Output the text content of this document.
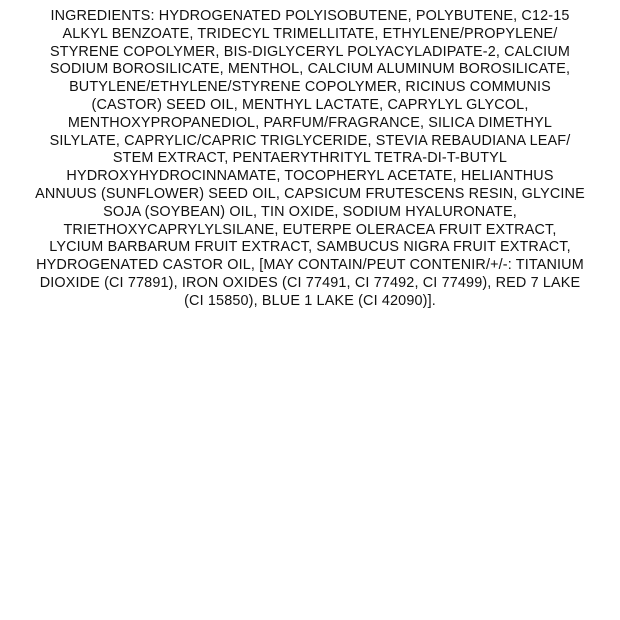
INGREDIENTS: HYDROGENATED POLYISOBUTENE, POLYBUTENE, C12-15
ALKYL BENZOATE, TRIDECYL TRIMELLITATE, ETHYLENE/PROPYLENE/
STYRENE COPOLYMER, BIS-DIGLYCERYL POLYACYLADIPATE-2, CALCIUM
SODIUM BOROSILICATE, MENTHOL, CALCIUM ALUMINUM BOROSILICATE,
BUTYLENE/ETHYLENE/STYRENE COPOLYMER, RICINUS COMMUNIS
(CASTOR) SEED OIL, MENTHYL LACTATE, CAPRYLYL GLYCOL,
MENTHOXYPROPANEDIOL, PARFUM/FRAGRANCE, SILICA DIMETHYL
SILYLATE, CAPRYLIC/CAPRIC TRIGLYCERIDE, STEVIA REBAUDIANA LEAF/
STEM EXTRACT, PENTAERYTHRITYL TETRA-DI-T-BUTYL
HYDROXYHYDROCINNAMATE, TOCOPHERYL ACETATE, HELIANTHUS
ANNUUS (SUNFLOWER) SEED OIL, CAPSICUM FRUTESCENS RESIN, GLYCINE
SOJA (SOYBEAN) OIL, TIN OXIDE, SODIUM HYALURONATE,
TRIETHOXYCAPRYLYLSILANE, EUTERPE OLERACEA FRUIT EXTRACT,
LYCIUM BARBARUM FRUIT EXTRACT, SAMBUCUS NIGRA FRUIT EXTRACT,
HYDROGENATED CASTOR OIL, [MAY CONTAIN/PEUT CONTENIR/+/-: TITANIUM
DIOXIDE (CI 77891), IRON OXIDES (CI 77491, CI 77492, CI 77499), RED 7 LAKE
(CI 15850), BLUE 1 LAKE (CI 42090)].
